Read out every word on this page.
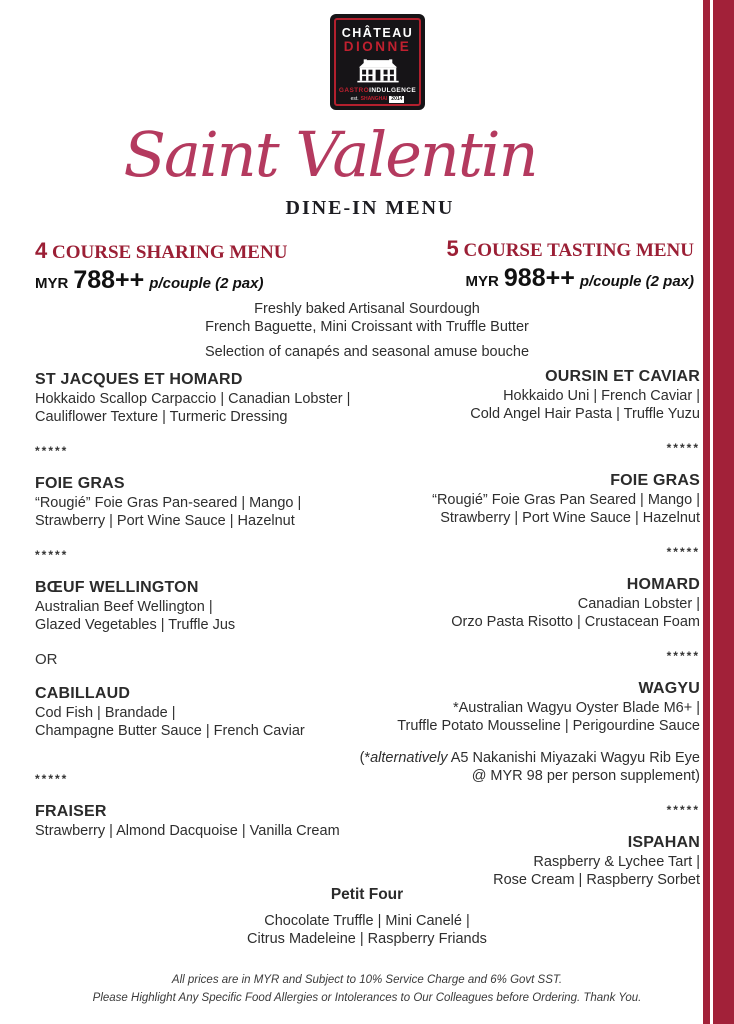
CHÂTEAU
DIONNE
GASTROINDULGENCE
est. SHANGHAI 2014
Saint Valentin
DINE-IN MENU
4 COURSE SHARING MENU
MYR 788++ p/couple (2 pax)
5 COURSE TASTING MENU
MYR 988++ p/couple (2 pax)
Freshly baked Artisanal Sourdough
French Baguette, Mini Croissant with Truffle Butter
Selection of canapés and seasonal amuse bouche
ST JACQUES ET HOMARD
Hokkaido Scallop Carpaccio | Canadian Lobster |
Cauliflower Texture | Turmeric Dressing
*****
FOIE GRAS
“Rougié” Foie Gras Pan-seared | Mango |
Strawberry | Port Wine Sauce | Hazelnut
*****
BŒUF WELLINGTON
Australian Beef Wellington |
Glazed Vegetables | Truffle Jus
OR
CABILLAUD
Cod Fish | Brandade |
Champagne Butter Sauce | French Caviar
*****
FRAISER
Strawberry | Almond Dacquoise | Vanilla Cream
OURSIN ET CAVIAR
Hokkaido Uni | French Caviar |
Cold Angel Hair Pasta | Truffle Yuzu
*****
FOIE GRAS
“Rougié” Foie Gras Pan Seared | Mango |
Strawberry | Port Wine Sauce | Hazelnut
*****
HOMARD
Canadian Lobster |
Orzo Pasta Risotto | Crustacean Foam
*****
WAGYU
*Australian Wagyu Oyster Blade M6+ |
Truffle Potato Mousseline | Perigourdine Sauce
(*alternatively A5 Nakanishi Miyazaki Wagyu Rib Eye
@ MYR 98 per person supplement)
*****
ISPAHAN
Raspberry & Lychee Tart |
Rose Cream | Raspberry Sorbet
Petit Four
Chocolate Truffle | Mini Canelé |
Citrus Madeleine | Raspberry Friands
All prices are in MYR and Subject to 10% Service Charge and 6% Govt SST.
Please Highlight Any Specific Food Allergies or Intolerances to Our Colleagues before Ordering. Thank You.
